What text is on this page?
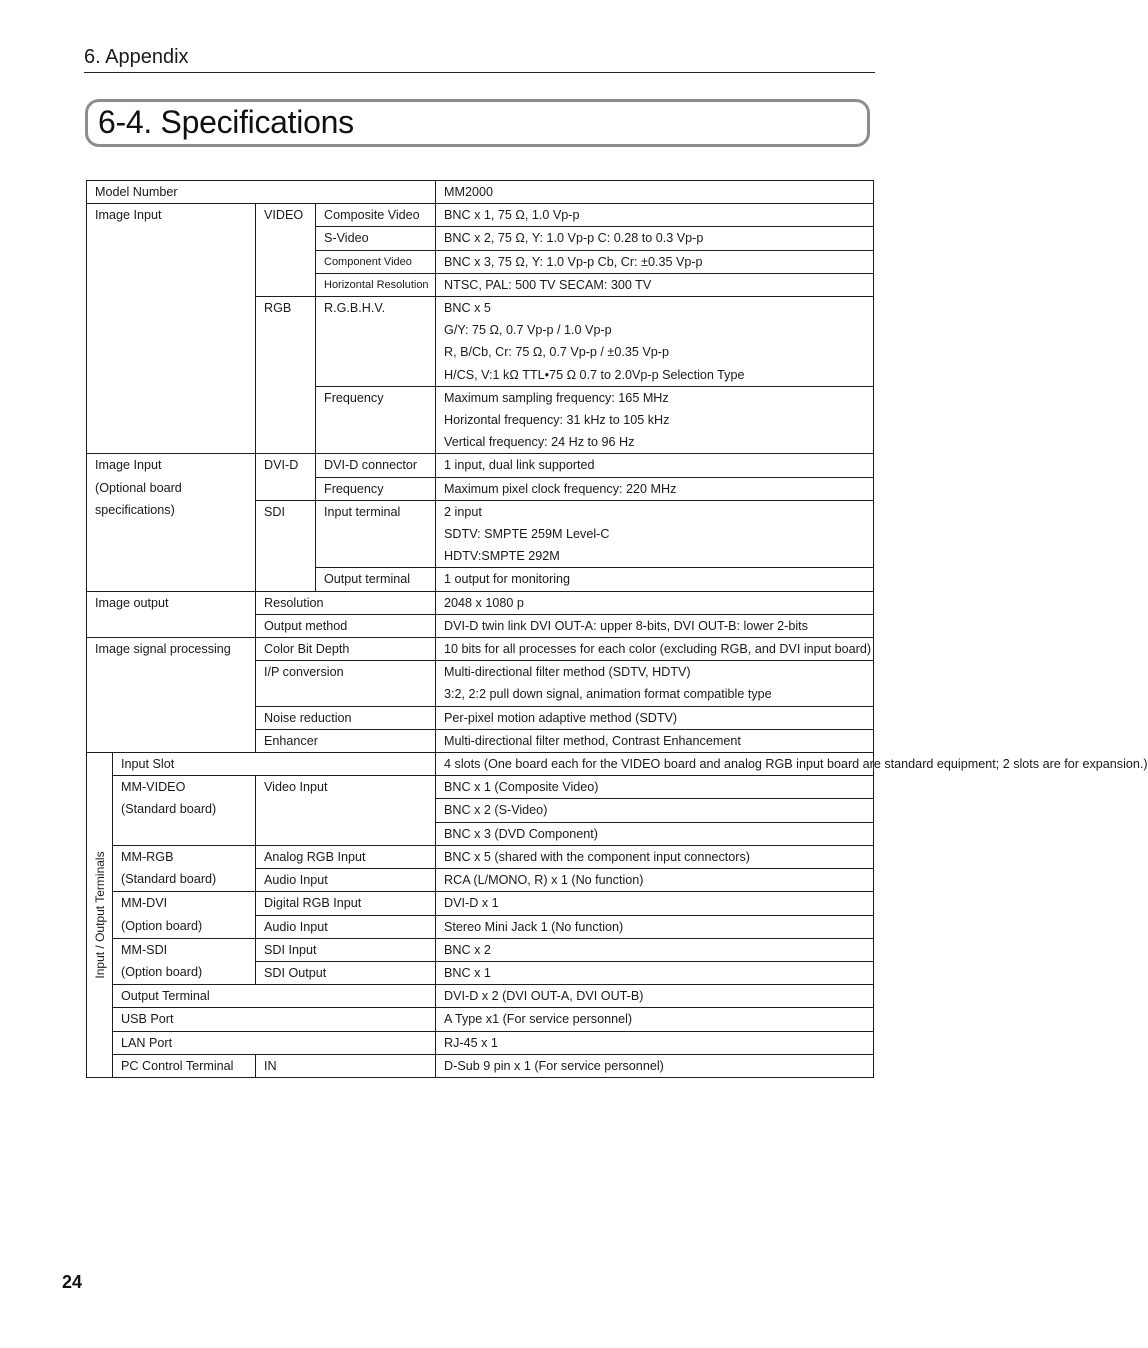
6. Appendix
6-4. Specifications
Model Number				MM2000
Image Input		VIDEO	Composite Video	BNC x 1, 75 Ω, 1.0 Vp-p
			S-Video	BNC x 2, 75 Ω, Y: 1.0 Vp-p C: 0.28 to 0.3 Vp-p
			Component Video	BNC x 3, 75 Ω, Y: 1.0 Vp-p Cb, Cr: ±0.35 Vp-p
			Horizontal Resolution	NTSC, PAL: 500 TV SECAM: 300 TV
		RGB	R.G.B.H.V.	BNC x 5
G/Y: 75 Ω, 0.7 Vp-p / 1.0 Vp-p
R, B/Cb, Cr: 75 Ω, 0.7 Vp-p / ±0.35 Vp-p
H/CS, V:1 kΩ TTL•75 Ω 0.7 to 2.0Vp-p Selection Type

			Frequency	Maximum sampling frequency: 165 MHz
Horizontal frequency: 31 kHz to 105 kHz
Vertical frequency: 24 Hz to 96 Hz

Image Input
(Optional board
specifications)		DVI-D	DVI-D connector	1 input, dual link supported
			Frequency	Maximum pixel clock frequency: 220 MHz
		SDI	Input terminal	2 input
SDTV: SMPTE 259M Level-C
HDTV:SMPTE 292M

			Output terminal	1 output for monitoring
Image output		Resolution		2048 x 1080 p
		Output method		DVI-D twin link DVI OUT-A: upper 8-bits, DVI OUT-B: lower 2-bits
Image signal processing		Color Bit Depth		10 bits for all processes for each color (excluding RGB, and DVI input board)
		I/P conversion		Multi-directional filter method (SDTV, HDTV)
3:2, 2:2 pull down signal, animation format compatible type

		Noise reduction		Per-pixel motion adaptive method (SDTV)
		Enhancer		Multi-directional filter method, Contrast Enhancement

Input / Output Terminals	Input Slot			4 slots (One board each for the VIDEO board and analog RGB input board are standard equipment; 2 slots are for expansion.)

	MM-VIDEO
(Standard board)	Video Input		BNC x 1 (Composite Video)
				BNC x 2 (S-Video)
				BNC x 3 (DVD Component)

	MM-RGB
(Standard board)	Analog RGB Input		BNC x 5 (shared with the component input connectors)
		Audio Input		RCA (L/MONO, R) x 1 (No function)

	MM-DVI
(Option board)	Digital RGB Input		DVI-D x 1
		Audio Input		Stereo Mini Jack 1 (No function)

	MM-SDI
(Option board)	SDI Input		BNC x 2
		SDI Output		BNC x 1
	Output Terminal			DVI-D x 2 (DVI OUT-A, DVI OUT-B)
	USB Port			A Type x1 (For service personnel)
	LAN Port			RJ-45 x 1
	PC Control Terminal	IN		D-Sub 9 pin x 1 (For service personnel)
24
